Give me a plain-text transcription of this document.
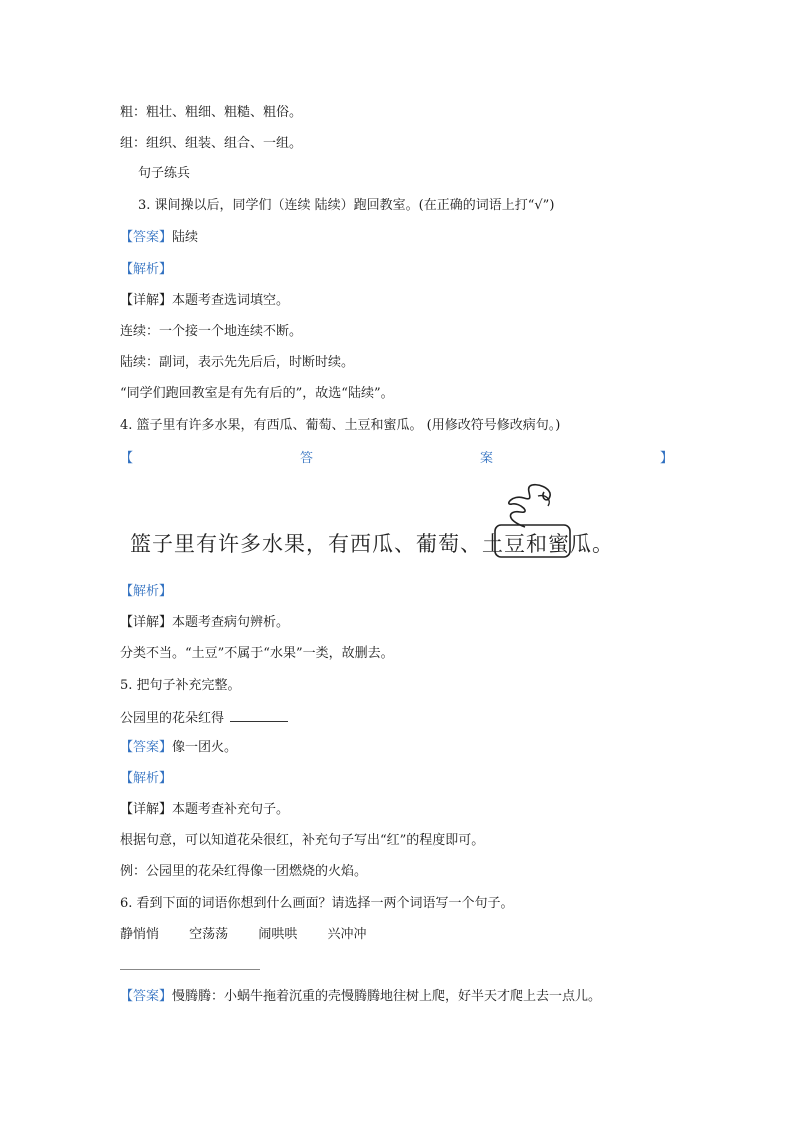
粗：粗壮、粗细、粗糙、粗俗。
组：组织、组装、组合、一组。
句子练兵
3. 课间操以后，同学们（连续 陆续）跑回教室。(在正确的词语上打“√”)
【答案】陆续
【解析】
【详解】本题考查选词填空。
连续：一个接一个地连续不断。
陆续：副词，表示先先后后，时断时续。
“同学们跑回教室是有先有后的”，故选“陆续”。
4. 篮子里有许多水果，有西瓜、葡萄、土豆和蜜瓜。 (用修改符号修改病句。)
【	答	案	】
篮子里有许多水果，有西瓜、葡萄、土豆和蜜瓜。
【解析】
【详解】本题考查病句辨析。
分类不当。“土豆”不属于“水果”一类，故删去。
5. 把句子补充完整。
公园里的花朵红得
【答案】像一团火。
【解析】
【详解】本题考查补充句子。
根据句意，可以知道花朵很红，补充句子写出“红”的程度即可。
例：公园里的花朵红得像一团燃烧的火焰。
6. 看到下面的词语你想到什么画面？请选择一两个词语写一个句子。
静悄悄 空荡荡 闹哄哄 兴冲冲
【答案】慢腾腾：小蜗牛拖着沉重的壳慢腾腾地往树上爬，好半天才爬上去一点儿。
